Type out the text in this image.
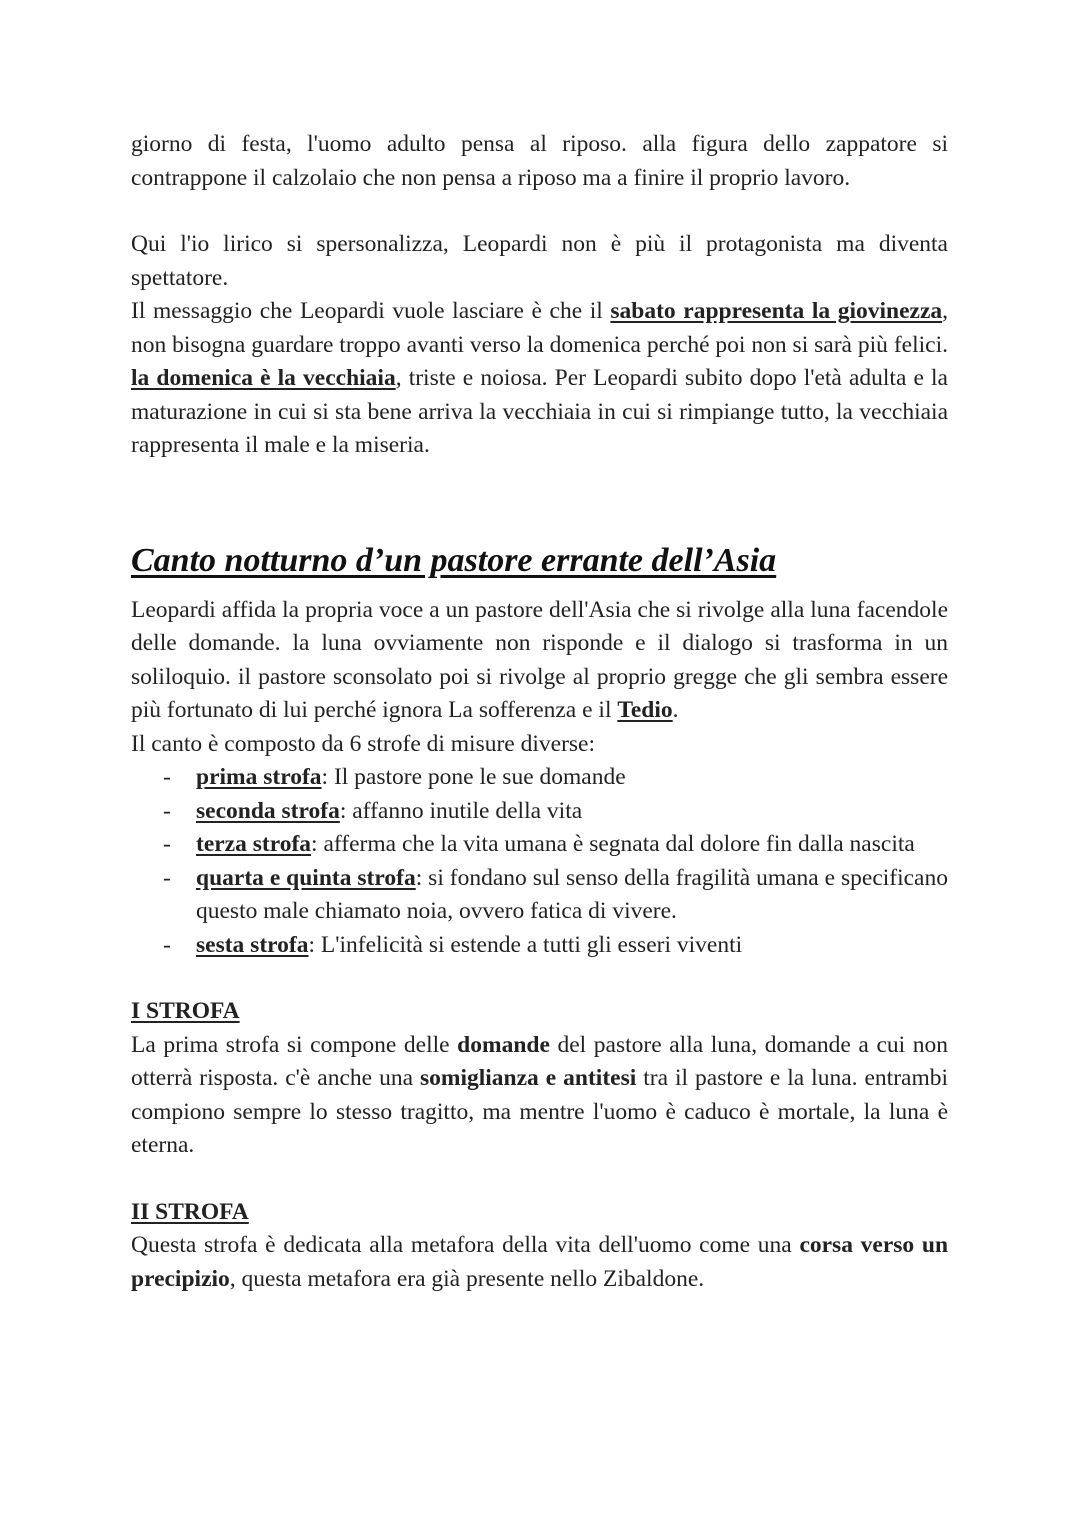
giorno di festa, l'uomo adulto pensa al riposo. alla figura dello zappatore si contrappone il calzolaio che non pensa a riposo ma a finire il proprio lavoro.

Qui l'io lirico si spersonalizza, Leopardi non è più il protagonista ma diventa spettatore.

Il messaggio che Leopardi vuole lasciare è che il sabato rappresenta la giovinezza, non bisogna guardare troppo avanti verso la domenica perché poi non si sarà più felici. la domenica è la vecchiaia, triste e noiosa. Per Leopardi subito dopo l'età adulta e la maturazione in cui si sta bene arriva la vecchiaia in cui si rimpiange tutto, la vecchiaia rappresenta il male e la miseria.

Canto notturno d’un pastore errante dell’Asia

Leopardi affida la propria voce a un pastore dell'Asia che si rivolge alla luna facendole delle domande. la luna ovviamente non risponde e il dialogo si trasforma in un soliloquio. il pastore sconsolato poi si rivolge al proprio gregge che gli sembra essere più fortunato di lui perché ignora La sofferenza e il Tedio.

Il canto è composto da 6 strofe di misure diverse:

- prima strofa: Il pastore pone le sue domande
- seconda strofa: affanno inutile della vita
- terza strofa: afferma che la vita umana è segnata dal dolore fin dalla nascita
- quarta e quinta strofa: si fondano sul senso della fragilità umana e specificano questo male chiamato noia, ovvero fatica di vivere.
- sesta strofa: L'infelicità si estende a tutti gli esseri viventi
I STROFA

La prima strofa si compone delle domande del pastore alla luna, domande a cui non otterrà risposta. c'è anche una somiglianza e antitesi tra il pastore e la luna. entrambi compiono sempre lo stesso tragitto, ma mentre l'uomo è caduco è mortale, la luna è eterna.

II STROFA

Questa strofa è dedicata alla metafora della vita dell'uomo come una corsa verso un precipizio, questa metafora era già presente nello Zibaldone.
